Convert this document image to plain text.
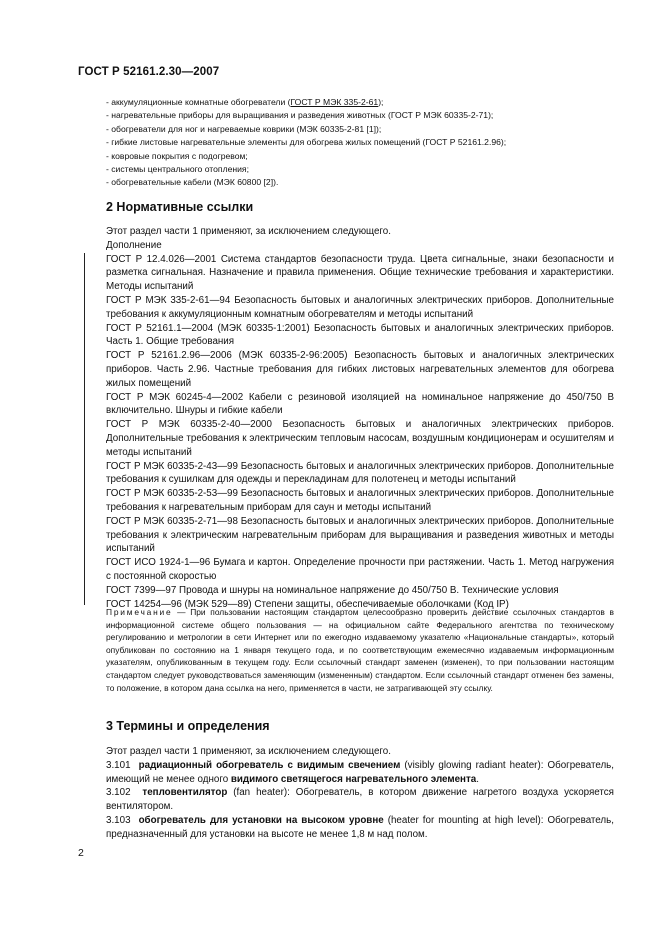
ГОСТ Р 52161.2.30—2007
- аккумуляционные комнатные обогреватели (ГОСТ Р МЭК 335-2-61);
- нагревательные приборы для выращивания и разведения животных (ГОСТ Р МЭК 60335-2-71);
- обогреватели для ног и нагреваемые коврики (МЭК 60335-2-81 [1]);
- гибкие листовые нагревательные элементы для обогрева жилых помещений (ГОСТ Р 52161.2.96);
- ковровые покрытия с подогревом;
- системы центрального отопления;
- обогревательные кабели (МЭК 60800 [2]).
2 Нормативные ссылки

Этот раздел части 1 применяют, за исключением следующего.

Дополнение

ГОСТ Р 12.4.026—2001 Система стандартов безопасности труда. Цвета сигнальные, знаки безопасности и разметка сигнальная. Назначение и правила применения. Общие технические требования и характеристики. Методы испытаний

ГОСТ Р МЭК 335-2-61—94 Безопасность бытовых и аналогичных электрических приборов. Дополнительные требования к аккумуляционным комнатным обогревателям и методы испытаний

ГОСТ Р 52161.1—2004 (МЭК 60335-1:2001) Безопасность бытовых и аналогичных электрических приборов. Часть 1. Общие требования

ГОСТ Р 52161.2.96—2006 (МЭК 60335-2-96:2005) Безопасность бытовых и аналогичных электрических приборов. Часть 2.96. Частные требования для гибких листовых нагревательных элементов для обогрева жилых помещений

ГОСТ Р МЭК 60245-4—2002 Кабели с резиновой изоляцией на номинальное напряжение до 450/750 В включительно. Шнуры и гибкие кабели

ГОСТ Р МЭК 60335-2-40—2000 Безопасность бытовых и аналогичных электрических приборов. Дополнительные требования к электрическим тепловым насосам, воздушным кондиционерам и осушителям и методы испытаний

ГОСТ Р МЭК 60335-2-43—99 Безопасность бытовых и аналогичных электрических приборов. Дополнительные требования к сушилкам для одежды и перекладинам для полотенец и методы испытаний

ГОСТ Р МЭК 60335-2-53—99 Безопасность бытовых и аналогичных электрических приборов. Дополнительные требования к нагревательным приборам для саун и методы испытаний

ГОСТ Р МЭК 60335-2-71—98 Безопасность бытовых и аналогичных электрических приборов. Дополнительные требования к электрическим нагревательным приборам для выращивания и разведения животных и методы испытаний

ГОСТ ИСО 1924-1—96 Бумага и картон. Определение прочности при растяжении. Часть 1. Метод нагружения с постоянной скоростью

ГОСТ 7399—97 Провода и шнуры на номинальное напряжение до 450/750 В. Технические условия

ГОСТ 14254—96 (МЭК 529—89) Степени защиты, обеспечиваемые оболочками (Код IP)

Примечание — При пользовании настоящим стандартом целесообразно проверить действие ссылочных стандартов в информационной системе общего пользования — на официальном сайте Федерального агентства по техническому регулированию и метрологии в сети Интернет или по ежегодно издаваемому указателю «Национальные стандарты», который опубликован по состоянию на 1 января текущего года, и по соответствующим ежемесячно издаваемым информационным указателям, опубликованным в текущем году. Если ссылочный стандарт заменен (изменен), то при пользовании настоящим стандартом следует руководствоваться заменяющим (измененным) стандартом. Если ссылочный стандарт отменен без замены, то положение, в котором дана ссылка на него, применяется в части, не затрагивающей эту ссылку.
3 Термины и определения

Этот раздел части 1 применяют, за исключением следующего.

3.101 радиационный обогреватель с видимым свечением (visibly glowing radiant heater): Обогреватель, имеющий не менее одного видимого светящегося нагревательного элемента.

3.102 тепловентилятор (fan heater): Обогреватель, в котором движение нагретого воздуха ускоряется вентилятором.

3.103 обогреватель для установки на высоком уровне (heater for mounting at high level): Обогреватель, предназначенный для установки на высоте не менее 1,8 м над полом.

2
